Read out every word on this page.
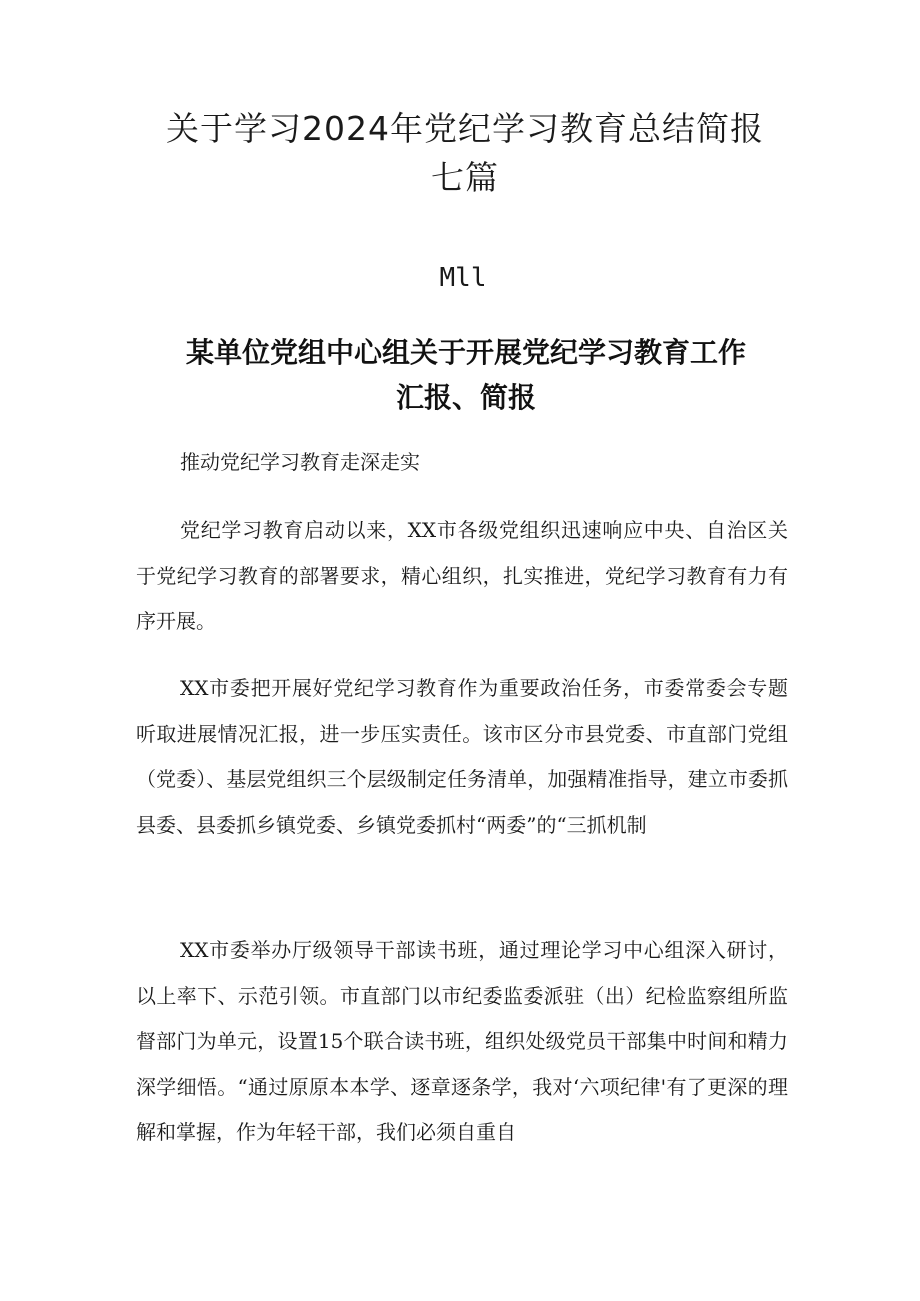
关于学习2024年党纪学习教育总结简报七篇

Mll

某单位党组中心组关于开展党纪学习教育工作
汇报、简报

推动党纪学习教育走深走实

党纪学习教育启动以来，XX市各级党组织迅速响应中央、自治区关于党纪学习教育的部署要求，精心组织，扎实推进，党纪学习教育有力有序开展。

XX市委把开展好党纪学习教育作为重要政治任务，市委常委会专题听取进展情况汇报，进一步压实责任。该市区分市县党委、市直部门党组（党委）、基层党组织三个层级制定任务清单，加强精准指导，建立市委抓县委、县委抓乡镇党委、乡镇党委抓村“两委”的“三抓机制

XX市委举办厅级领导干部读书班，通过理论学习中心组深入研讨，以上率下、示范引领。市直部门以市纪委监委派驻（出）纪检监察组所监督部门为单元，设置15个联合读书班，组织处级党员干部集中时间和精力深学细悟。“通过原原本本学、逐章逐条学，我对‘六项纪律'有了更深的理解和掌握，作为年轻干部，我们必须自重自
